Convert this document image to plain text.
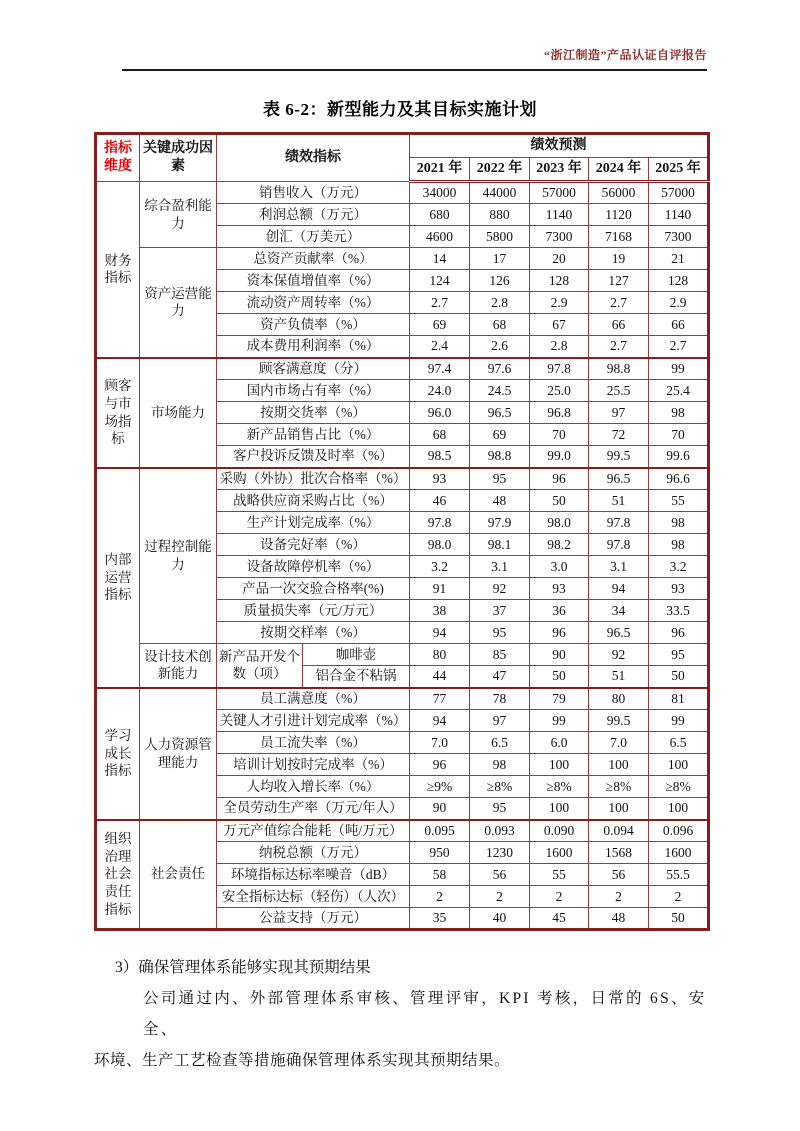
“浙江制造”产品认证自评报告
表 6-2：新型能力及其目标实施计划
指标维度	关键成功因素	绩效指标		绩效预测				
				2021 年	2022 年	2023 年	2024 年	2025 年
财务指标	综合盈利能力	销售收入（万元）		34000	44000	57000	56000	57000
		利润总额（万元）		680	880	1140	1120	1140
		创汇（万美元）		4600	5800	7300	7168	7300
	资产运营能力	总资产贡献率（%）		14	17	20	19	21
		资本保值增值率（%）		124	126	128	127	128
		流动资产周转率（%）		2.7	2.8	2.9	2.7	2.9
		资产负债率（%）		69	68	67	66	66
		成本费用利润率（%）		2.4	2.6	2.8	2.7	2.7
顾客与市场指标	市场能力	顾客满意度（分）		97.4	97.6	97.8	98.8	99
		国内市场占有率（%）		24.0	24.5	25.0	25.5	25.4
		按期交货率（%）		96.0	96.5	96.8	97	98
		新产品销售占比（%）		68	69	70	72	70
		客户投诉反馈及时率（%）		98.5	98.8	99.0	99.5	99.6
内部运营指标	过程控制能力	采购（外协）批次合格率（%）		93	95	96	96.5	96.6
		战略供应商采购占比（%）		46	48	50	51	55
		生产计划完成率（%）		97.8	97.9	98.0	97.8	98
		设备完好率（%）		98.0	98.1	98.2	97.8	98
		设备故障停机率（%）		3.2	3.1	3.0	3.1	3.2
		产品一次交验合格率(%)		91	92	93	94	93
		质量损失率（元/万元）		38	37	36	34	33.5
		按期交样率（%）		94	95	96	96.5	96
	设计技术创新能力	新产品开发个数（项）	咖啡壶	80	85	90	92	95
			铝合金不粘锅	44	47	50	51	50
学习成长指标	人力资源管理能力	员工满意度（%）		77	78	79	80	81
		关键人才引进计划完成率（%）		94	97	99	99.5	99
		员工流失率（%）		7.0	6.5	6.0	7.0	6.5
		培训计划按时完成率（%）		96	98	100	100	100
		人均收入增长率（%）		≥9%	≥8%	≥8%	≥8%	≥8%
		全员劳动生产率（万元/年人）		90	95	100	100	100
组织治理社会责任指标	社会责任	万元产值综合能耗（吨/万元）		0.095	0.093	0.090	0.094	0.096
		纳税总额（万元）		950	1230	1600	1568	1600
		环境指标达标率噪音（dB）		58	56	55	56	55.5
		安全指标达标（轻伤）（人次）		2	2	2	2	2
		公益支持（万元）		35	40	45	48	50
3）确保管理体系能够实现其预期结果
公司通过内、外部管理体系审核、管理评审，KPI 考核，日常的 6S、安全、
环境、生产工艺检查等措施确保管理体系实现其预期结果。
